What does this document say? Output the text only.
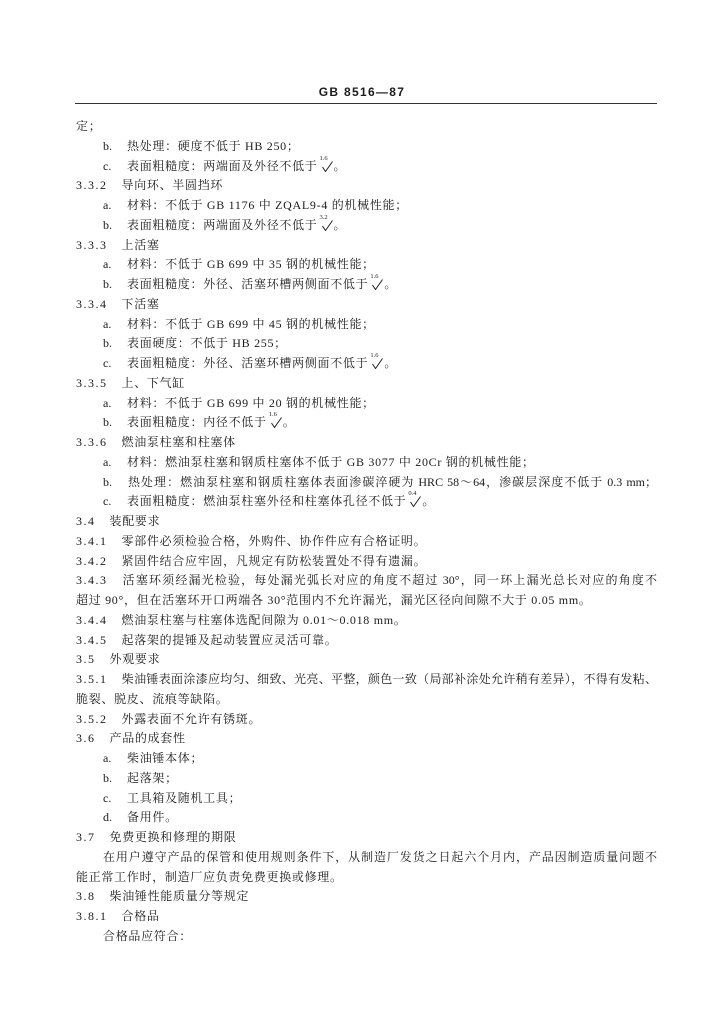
GB 8516—87
定；
b. 热处理：硬度不低于 HB 250；
c. 表面粗糙度：两端面及外径不低于
1.6
。
3.3.2 导向环、半圆挡环
a. 材料：不低于 GB 1176 中 ZQAL9-4 的机械性能；
b. 表面粗糙度：两端面及外径不低于
3.2
。
3.3.3 上活塞
a. 材料：不低于 GB 699 中 35 钢的机械性能；
b. 表面粗糙度：外径、活塞环槽两侧面不低于
1.6
。
3.3.4 下活塞
a. 材料：不低于 GB 699 中 45 钢的机械性能；
b. 表面硬度：不低于 HB 255；
c. 表面粗糙度：外径、活塞环槽两侧面不低于
1.6
。
3.3.5 上、下气缸
a. 材料：不低于 GB 699 中 20 钢的机械性能；
b. 表面粗糙度：内径不低于
1.6
。
3.3.6 燃油泵柱塞和柱塞体
a. 材料：燃油泵柱塞和钢质柱塞体不低于 GB 3077 中 20Cr 钢的机械性能；
b. 热处理：燃油泵柱塞和钢质柱塞体表面渗碳淬硬为 HRC 58～64，渗碳层深度不低于 0.3 mm；
c. 表面粗糙度：燃油泵柱塞外径和柱塞体孔径不低于
0.4
。
3.4 装配要求
3.4.1 零部件必须检验合格，外购件、协作件应有合格证明。
3.4.2 紧固件结合应牢固，凡规定有防松装置处不得有遗漏。
3.4.3 活塞环须经漏光检验，每处漏光弧长对应的角度不超过 30°，同一环上漏光总长对应的角度不
超过 90°，但在活塞环开口两端各 30°范围内不允许漏光，漏光区径向间隙不大于 0.05 mm。
3.4.4 燃油泵柱塞与柱塞体选配间隙为 0.01～0.018 mm。
3.4.5 起落架的提锤及起动装置应灵活可靠。
3.5 外观要求
3.5.1 柴油锤表面涂漆应均匀、细致、光亮、平整，颜色一致（局部补涂处允许稍有差异），不得有发粘、
脆裂、脱皮、流痕等缺陷。
3.5.2 外露表面不允许有锈斑。
3.6 产品的成套性
a. 柴油锤本体；
b. 起落架；
c. 工具箱及随机工具；
d. 备用件。
3.7 免费更换和修理的期限
在用户遵守产品的保管和使用规则条件下，从制造厂发货之日起六个月内，产品因制造质量问题不
能正常工作时，制造厂应负责免费更换或修理。
3.8 柴油锤性能质量分等规定
3.8.1 合格品
合格品应符合：
